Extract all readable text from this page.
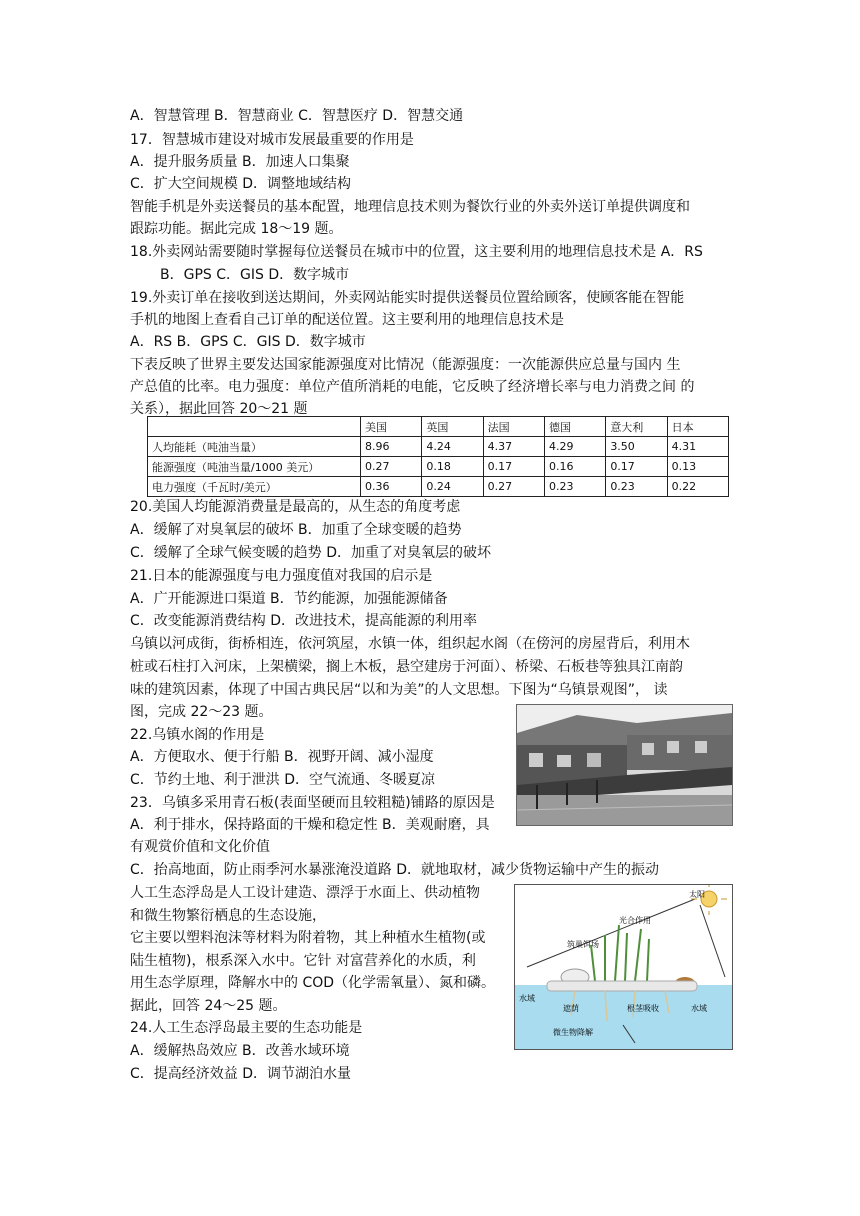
A．智慧管理 B．智慧商业 C．智慧医疗 D．智慧交通
17．智慧城市建设对城市发展最重要的作用是
A．提升服务质量 B．加速人口集聚
C．扩大空间规模 D．调整地域结构
智能手机是外卖送餐员的基本配置，地理信息技术则为餐饮行业的外卖外送订单提供调度和
跟踪功能。据此完成 18～19 题。
18.外卖网站需要随时掌握每位送餐员在城市中的位置，这主要利用的地理信息技术是 A．RS
B．GPS C．GIS D．数字城市
19.外卖订单在接收到送达期间，外卖网站能实时提供送餐员位置给顾客，使顾客能在智能
手机的地图上查看自己订单的配送位置。这主要利用的地理信息技术是
A．RS B．GPS C．GIS D．数字城市
下表反映了世界主要发达国家能源强度对比情况（能源强度：一次能源供应总量与国内 生
产总值的比率。电力强度：单位产值所消耗的电能，它反映了经济增长率与电力消费之间 的
关系），据此回答 20～21 题
	美国	英国	法国	德国	意大利	日本
人均能耗（吨油当量）	8.96	4.24	4.37	4.29	3.50	4.31
能源强度（吨油当量/1000 美元）	0.27	0.18	0.17	0.16	0.17	0.13
电力强度（千瓦时/美元）	0.36	0.24	0.27	0.23	0.23	0.22
20.美国人均能源消费量是最高的，从生态的角度考虑
A．缓解了对臭氧层的破坏 B．加重了全球变暖的趋势
C．缓解了全球气候变暖的趋势 D．加重了对臭氧层的破坏
21.日本的能源强度与电力强度值对我国的启示是
A．广开能源进口渠道 B．节约能源，加强能源储备
C．改变能源消费结构 D．改进技术，提高能源的利用率
乌镇以河成街，街桥相连，依河筑屋，水镇一体，组织起水阁（在傍河的房屋背后，利用木
桩或石柱打入河床，上架横梁，搁上木板，悬空建房于河面）、桥梁、石板巷等独具江南韵
味的建筑因素，体现了中国古典民居“以和为美”的人文思想。下图为“乌镇景观图”， 读
图，完成 22～23 题。
22.乌镇水阁的作用是
A．方便取水、便于行船 B．视野开阔、减小湿度
C．节约土地、利于泄洪 D．空气流通、冬暖夏凉
23．乌镇多采用青石板(表面坚硬而且较粗糙)铺路的原因是
A．利于排水，保持路面的干燥和稳定性 B．美观耐磨，具
有观赏价值和文化价值
C．抬高地面，防止雨季河水暴涨淹没道路 D．就地取材，减少货物运输中产生的振动
人工生态浮岛是人工设计建造、漂浮于水面上、供动植物
和微生物繁衍栖息的生态设施，
它主要以塑料泡沫等材料为附着物，其上种植水生植物(或
陆生植物)，根系深入水中。它针 对富营养化的水质，利
用生态学原理，降解水中的 COD（化学需氧量）、氮和磷。
据此，回答 24～25 题。
24.人工生态浮岛最主要的生态功能是
A．缓解热岛效应 B．改善水域环境
C．提高经济效益 D．调节湖泊水量
太阳
光合作用
筑巢饵场
水域
水域
遮荫	根茎吸收
微生物降解
